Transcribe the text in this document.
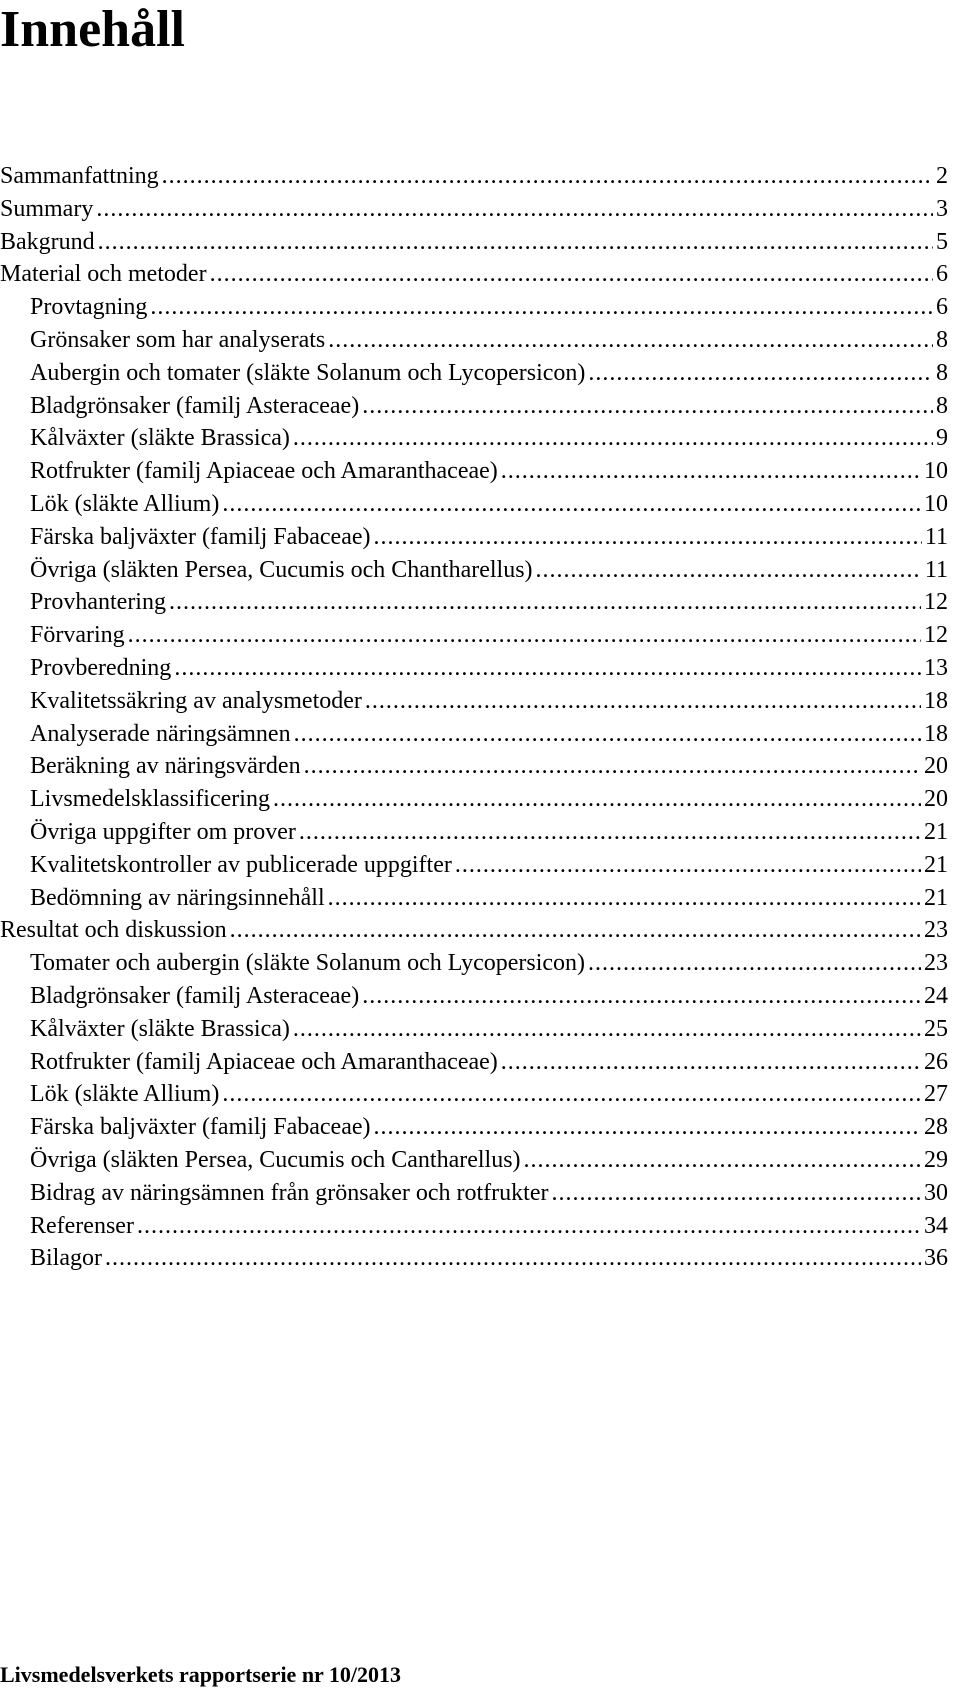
Innehåll
Sammanfattning .....	2
Summary .....	3
Bakgrund .....	5
Material och metoder .....	6
Provtagning .....	6
Grönsaker som har analyserats .....	8
Aubergin och tomater (släkte Solanum och Lycopersicon) .....	8
Bladgrönsaker (familj Asteraceae) .....	8
Kålväxter (släkte Brassica) .....	9
Rotfrukter (familj Apiaceae och Amaranthaceae) .....	10
Lök (släkte Allium) .....	10
Färska baljväxter (familj Fabaceae) .....	11
Övriga (släkten Persea, Cucumis och Chantharellus) .....	11
Provhantering .....	12
Förvaring .....	12
Provberedning .....	13
Kvalitetssäkring av analysmetoder .....	18
Analyserade näringsämnen .....	18
Beräkning av näringsvärden .....	20
Livsmedelsklassificering .....	20
Övriga uppgifter om prover .....	21
Kvalitetskontroller av publicerade uppgifter .....	21
Bedömning av näringsinnehåll .....	21
Resultat och diskussion .....	23
Tomater och aubergin (släkte Solanum och Lycopersicon) .....	23
Bladgrönsaker (familj Asteraceae) .....	24
Kålväxter (släkte Brassica) .....	25
Rotfrukter (familj Apiaceae och Amaranthaceae) .....	26
Lök (släkte Allium) .....	27
Färska baljväxter (familj Fabaceae) .....	28
Övriga (släkten Persea, Cucumis och Cantharellus) .....	29
Bidrag av näringsämnen från grönsaker och rotfrukter .....	30
Referenser .....	34
Bilagor .....	36
Livsmedelsverkets rapportserie nr 10/2013
